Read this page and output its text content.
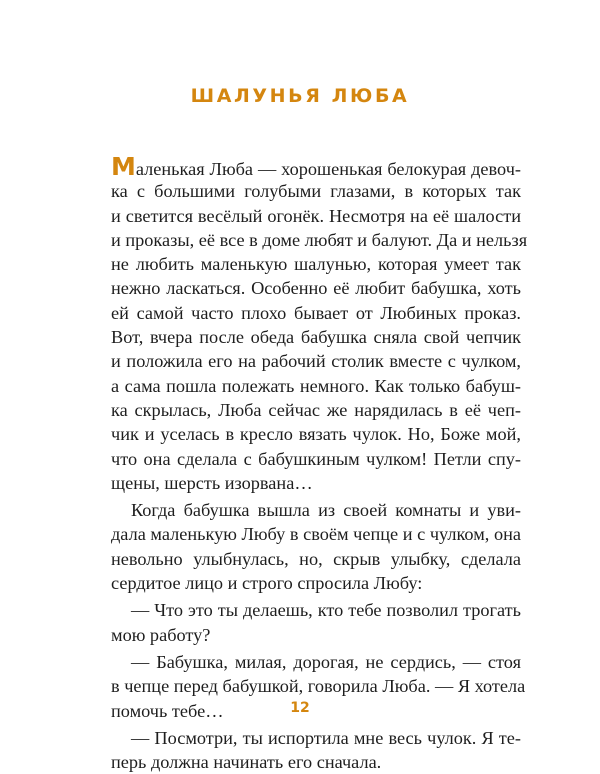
ШАЛУНЬЯ ЛЮБА
Маленькая Люба — хорошенькая белокурая девоч-
ка с большими голубыми глазами, в которых так
и светится весёлый огонёк. Несмотря на её шалости
и проказы, её все в доме любят и балуют. Да и нельзя
не любить маленькую шалунью, которая умеет так
нежно ласкаться. Особенно её любит бабушка, хоть
ей самой часто плохо бывает от Любиных проказ.
Вот, вчера после обеда бабушка сняла свой чепчик
и положила его на рабочий столик вместе с чулком,
а сама пошла полежать немного. Как только бабуш-
ка скрылась, Люба сейчас же нарядилась в её чеп-
чик и уселась в кресло вязать чулок. Но, Боже мой,
что она сделала с бабушкиным чулком! Петли спу-
щены, шерсть изорвана…
Когда бабушка вышла из своей комнаты и уви-
дала маленькую Любу в своём чепце и с чулком, она
невольно улыбнулась, но, скрыв улыбку, сделала
сердитое лицо и строго спросила Любу:
— Что это ты делаешь, кто тебе позволил трогать
мою работу?
— Бабушка, милая, дорогая, не сердись, — стоя
в чепце перед бабушкой, говорила Люба. — Я хотела
помочь тебе…
— Посмотри, ты испортила мне весь чулок. Я те-
перь должна начинать его сначала.
12
